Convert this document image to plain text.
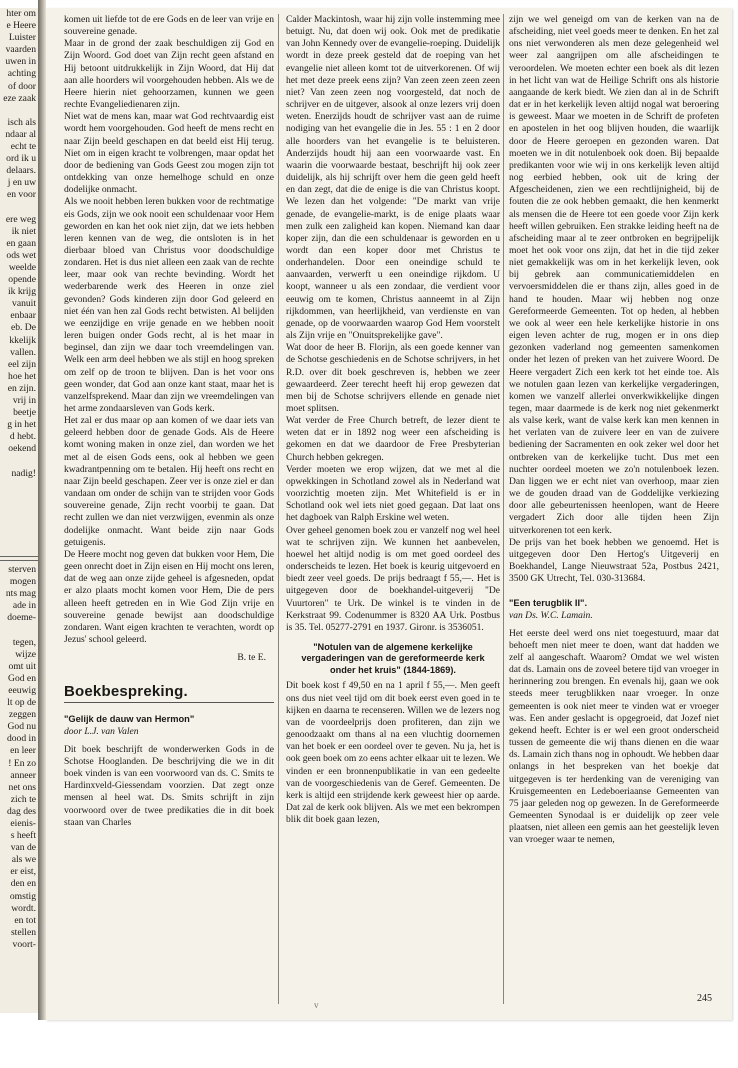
hter om
e Heere
Luister
vaarden
uwen in
achting
of door
eze zaak

isch als
ndaar al
echt te
ord ik u
delaars.
j en uw
en voor

ere weg
ik niet
en gaan
ods wet
weelde
opende
ik krijg
vanuit
enbaar
eb. De
kkelijk
vallen.
eel zijn
hoe het
en zijn.
vrij in
beetje
g in het
d hebt.
oekend

nadig!
sterven
mogen
nts mag
ade in
doeme-

tegen,
wijze
omt uit
God en
eeuwig
lt op de
zeggen
God nu
dood in
en leer
! En zo
anneer
net ons
zich te
dag des
eienis-
s heeft
van de
als we
er eist,
den en
omstig
wordt.
en tot
stellen
voort-

komen uit liefde tot de ere Gods en de leer van vrije en souvereine genade.

Maar in de grond der zaak beschuldigen zij God en Zijn Woord. God doet van Zijn recht geen afstand en Hij betoont uitdrukkelijk in Zijn Woord, dat Hij dat aan alle hoorders wil voorgehouden hebben. Als we de Heere hierin niet gehoorzamen, kunnen we geen rechte Evangeliedienaren zijn.

Niet wat de mens kan, maar wat God rechtvaardig eist wordt hem voorgehouden. God heeft de mens recht en naar Zijn beeld geschapen en dat beeld eist Hij terug. Niet om in eigen kracht te volbrengen, maar opdat het door de bediening van Gods Geest zou mogen zijn tot ontdekking van onze hemelhoge schuld en onze dodelijke onmacht.

Als we nooit hebben leren bukken voor de rechtmatige eis Gods, zijn we ook nooit een schuldenaar voor Hem geworden en kan het ook niet zijn, dat we iets hebben leren kennen van de weg, die ontsloten is in het dierbaar bloed van Christus voor doodschuldige zondaren. Het is dus niet alleen een zaak van de rechte leer, maar ook van rechte bevinding. Wordt het wederbarende werk des Heeren in onze ziel gevonden? Gods kinderen zijn door God geleerd en niet één van hen zal Gods recht betwisten. Al belijden we eenzijdige en vrije genade en we hebben nooit leren buigen onder Gods recht, al is het maar in beginsel, dan zijn we daar toch vreemdelingen van. Welk een arm deel hebben we als stijl en hoog spreken om zelf op de troon te blijven. Dan is het voor ons geen wonder, dat God aan onze kant staat, maar het is vanzelfsprekend. Maar dan zijn we vreemdelingen van het arme zondaarsleven van Gods kerk.

Het zal er dus maar op aan komen of we daar iets van geleerd hebben door de genade Gods. Als de Heere komt woning maken in onze ziel, dan worden we het met al de eisen Gods eens, ook al hebben we geen kwadrantpenning om te betalen. Hij heeft ons recht en naar Zijn beeld geschapen. Zeer ver is onze ziel er dan vandaan om onder de schijn van te strijden voor Gods souvereine genade, Zijn recht voorbij te gaan. Dat recht zullen we dan niet verzwijgen, evenmin als onze dodelijke onmacht. Want beide zijn naar Gods getuigenis.

De Heere mocht nog geven dat bukken voor Hem, Die geen onrecht doet in Zijn eisen en Hij mocht ons leren, dat de weg aan onze zijde geheel is afgesneden, opdat er alzo plaats mocht komen voor Hem, Die de pers alleen heeft getreden en in Wie God Zijn vrije en souvereine genade bewijst aan doodschuldige zondaren. Want eigen krachten te verachten, wordt op Jezus' school geleerd.

B. te E.

Boekbespreking.

"Gelijk de dauw van Hermon"

door L.J. van Valen

Dit boek beschrijft de wonderwerken Gods in de Schotse Hooglanden. De beschrijving die we in dit boek vinden is van een voorwoord van ds. C. Smits te Hardinxveld-Giessendam voorzien. Dat zegt onze mensen al heel wat. Ds. Smits schrijft in zijn voorwoord over de twee predikaties die in dit boek staan van Charles

Calder Mackintosh, waar hij zijn volle instemming mee betuigt. Nu, dat doen wij ook. Ook met de predikatie van John Kennedy over de evangelie-roeping. Duidelijk wordt in deze preek gesteld dat de roeping van het evangelie niet alleen komt tot de uitverkorenen. Of wij het met deze preek eens zijn? Van zeen zeen zeen zeen niet? Van zeen zeen nog voorgesteld, dat noch de schrijver en de uitgever, alsook al onze lezers vrij doen weten. Enerzijds houdt de schrijver vast aan de ruime nodiging van het evangelie die in Jes. 55 : 1 en 2 door alle hoorders van het evangelie is te beluisteren. Anderzijds houdt hij aan een voorwaarde vast. En waarin die voorwaarde bestaat, beschrijft hij ook zeer duidelijk, als hij schrijft over hem die geen geld heeft en dan zegt, dat die de enige is die van Christus koopt. We lezen dan het volgende: "De markt van vrije genade, de evangelie-markt, is de enige plaats waar men zulk een zaligheid kan kopen. Niemand kan daar koper zijn, dan die een schuldenaar is geworden en u wordt dan een koper door met Christus te onderhandelen. Door een oneindige schuld te aanvaarden, verwerft u een oneindige rijkdom. U koopt, wanneer u als een zondaar, die verdient voor eeuwig om te komen, Christus aanneemt in al Zijn rijkdommen, van heerlijkheid, van verdienste en van genade, op de voorwaarden waarop God Hem voorstelt als Zijn vrije en "Onuitsprekelijke gave".

Wat door de heer B. Florijn, als een goede kenner van de Schotse geschiedenis en de Schotse schrijvers, in het R.D. over dit boek geschreven is, hebben we zeer gewaardeerd. Zeer terecht heeft hij erop gewezen dat men bij de Schotse schrijvers ellende en genade niet moet splitsen.

Wat verder de Free Church betreft, de lezer dient te weten dat er in 1892 nog weer een afscheiding is gekomen en dat we daardoor de Free Presbyterian Church hebben gekregen.

Verder moeten we erop wijzen, dat we met al die opwekkingen in Schotland zowel als in Nederland wat voorzichtig moeten zijn. Met Whitefield is er in Schotland ook wel iets niet goed gegaan. Dat laat ons het dagboek van Ralph Erskine wel weten.

Over geheel genomen boek zou er vanzelf nog wel heel wat te schrijven zijn. We kunnen het aanbevelen, hoewel het altijd nodig is om met goed oordeel des onderscheids te lezen. Het boek is keurig uitgevoerd en biedt zeer veel goeds. De prijs bedraagt f 55,—. Het is uitgegeven door de boekhandel-uitgeverij "De Vuurtoren" te Urk. De winkel is te vinden in de Kerkstraat 99. Codenummer is 8320 AA Urk. Postbus is 35. Tel. 05277-2791 en 1937. Gironr. is 3536051.

"Notulen van de algemene kerkelijke vergaderingen van de gereformeerde kerk onder het kruis" (1844-1869).

Dit boek kost f 49,50 en na 1 april f 55,—. Men geeft ons dus niet veel tijd om dit boek eerst even goed in te kijken en daarna te recenseren. Willen we de lezers nog van de voordeelprijs doen profiteren, dan zijn we genoodzaakt om thans al na een vluchtig doornemen van het boek er een oordeel over te geven. Nu ja, het is ook geen boek om zo eens achter elkaar uit te lezen. We vinden er een bronnenpublikatie in van een gedeelte van de voorgeschiedenis van de Geref. Gemeenten. De kerk is altijd een strijdende kerk geweest hier op aarde. Dat zal de kerk ook blijven. Als we met een bekrompen blik dit boek gaan lezen,

zijn we wel geneigd om van de kerken van na de afscheiding, niet veel goeds meer te denken. En het zal ons niet verwonderen als men deze gelegenheid wel weer zal aangrijpen om alle afscheidingen te veroordelen. We moeten echter een boek als dit lezen in het licht van wat de Heilige Schrift ons als historie aangaande de kerk biedt. We zien dan al in de Schrift dat er in het kerkelijk leven altijd nogal wat beroering is geweest. Maar we moeten in de Schrift de profeten en apostelen in het oog blijven houden, die waarlijk door de Heere geroepen en gezonden waren. Dat moeten we in dit notulenboek ook doen. Bij bepaalde predikanten voor wie wij in ons kerkelijk leven altijd nog eerbied hebben, ook uit de kring der Afgescheidenen, zien we een rechtlijnigheid, bij de fouten die ze ook hebben gemaakt, die hen kenmerkt als mensen die de Heere tot een goede voor Zijn kerk heeft willen gebruiken. Een strakke leiding heeft na de afscheiding maar al te zeer ontbroken en begrijpelijk moet het ook voor ons zijn, dat het in die tijd zeker niet gemakkelijk was om in het kerkelijk leven, ook bij gebrek aan communicatiemiddelen en vervoersmiddelen die er thans zijn, alles goed in de hand te houden. Maar wij hebben nog onze Gereformeerde Gemeenten. Tot op heden, al hebben we ook al weer een hele kerkelijke historie in ons eigen leven achter de rug, mogen er in ons diep gezonken vaderland nog gemeenten samenkomen onder het lezen of preken van het zuivere Woord. De Heere vergadert Zich een kerk tot het einde toe. Als we notulen gaan lezen van kerkelijke vergaderingen, komen we vanzelf allerlei onverkwikkelijke dingen tegen, maar daarmede is de kerk nog niet gekenmerkt als valse kerk, want de valse kerk kan men kennen in het verlaten van de zuivere leer en van de zuivere bediening der Sacramenten en ook zeker wel door het ontbreken van de kerkelijke tucht. Dus met een nuchter oordeel moeten we zo'n notulenboek lezen. Dan liggen we er echt niet van overhoop, maar zien we de gouden draad van de Goddelijke verkiezing door alle gebeurtenissen heenlopen, want de Heere vergadert Zich door alle tijden heen Zijn uitverkorenen tot een kerk.

De prijs van het boek hebben we genoemd. Het is uitgegeven door Den Hertog's Uitgeverij en Boekhandel, Lange Nieuwstraat 52a, Postbus 2421, 3500 GK Utrecht, Tel. 030-313684.

"Een terugblik II".

van Ds. W.C. Lamain.

Het eerste deel werd ons niet toegestuurd, maar dat behoeft men niet meer te doen, want dat hadden we zelf al aangeschaft. Waarom? Omdat we wel wisten dat ds. Lamain ons de zoveel betere tijd van vroeger in herinnering zou brengen. En evenals hij, gaan we ook steeds meer terugblikken naar vroeger. In onze gemeenten is ook niet meer te vinden wat er vroeger was. Een ander geslacht is opgegroeid, dat Jozef niet gekend heeft. Echter is er wel een groot onderscheid tussen de gemeente die wij thans dienen en die waar ds. Lamain zich thans nog in ophoudt. We hebben daar onlangs in het bespreken van het boekje dat uitgegeven is ter herdenking van de vereniging van Kruisgemeenten en Ledeboeriaanse Gemeenten van 75 jaar geleden nog op gewezen. In de Gereformeerde Gemeenten Synodaal is er duidelijk op zeer vele plaatsen, niet alleen een gemis aan het geestelijk leven van vroeger waar te nemen,

245
v
